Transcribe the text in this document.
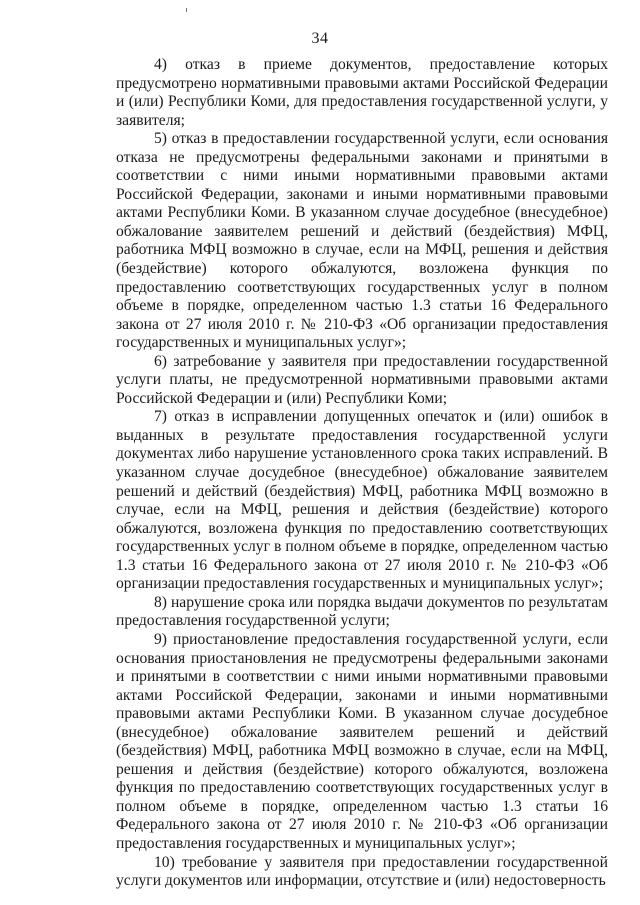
34

4) отказ в приеме документов, предоставление которых предусмотрено нормативными правовыми актами Российской Федерации и (или) Республики Коми, для предоставления государственной услуги, у заявителя;

5) отказ в предоставлении государственной услуги, если основания отказа не предусмотрены федеральными законами и принятыми в соответствии с ними иными нормативными правовыми актами Российской Федерации, законами и иными нормативными правовыми актами Республики Коми. В указанном случае досудебное (внесудебное) обжалование заявителем решений и действий (бездействия) МФЦ, работника МФЦ возможно в случае, если на МФЦ, решения и действия (бездействие) которого обжалуются, возложена функция по предоставлению соответствующих государственных услуг в полном объеме в порядке, определенном частью 1.3 статьи 16 Федерального закона от 27 июля 2010 г. № 210-ФЗ «Об организации предоставления государственных и муниципальных услуг»;

6) затребование у заявителя при предоставлении государственной услуги платы, не предусмотренной нормативными правовыми актами Российской Федерации и (или) Республики Коми;

7) отказ в исправлении допущенных опечаток и (или) ошибок в выданных в результате предоставления государственной услуги документах либо нарушение установленного срока таких исправлений. В указанном случае досудебное (внесудебное) обжалование заявителем решений и действий (бездействия) МФЦ, работника МФЦ возможно в случае, если на МФЦ, решения и действия (бездействие) которого обжалуются, возложена функция по предоставлению соответствующих государственных услуг в полном объеме в порядке, определенном частью 1.3 статьи 16 Федерального закона от 27 июля 2010 г. № 210-ФЗ «Об организации предоставления государственных и муниципальных услуг»;

8) нарушение срока или порядка выдачи документов по результатам предоставления государственной услуги;

9) приостановление предоставления государственной услуги, если основания приостановления не предусмотрены федеральными законами и принятыми в соответствии с ними иными нормативными правовыми актами Российской Федерации, законами и иными нормативными правовыми актами Республики Коми. В указанном случае досудебное (внесудебное) обжалование заявителем решений и действий (бездействия) МФЦ, работника МФЦ возможно в случае, если на МФЦ, решения и действия (бездействие) которого обжалуются, возложена функция по предоставлению соответствующих государственных услуг в полном объеме в порядке, определенном частью 1.3 статьи 16 Федерального закона от 27 июля 2010 г. № 210-ФЗ «Об организации предоставления государственных и муниципальных услуг»;

10) требование у заявителя при предоставлении государственной услуги документов или информации, отсутствие и (или) недостоверность
